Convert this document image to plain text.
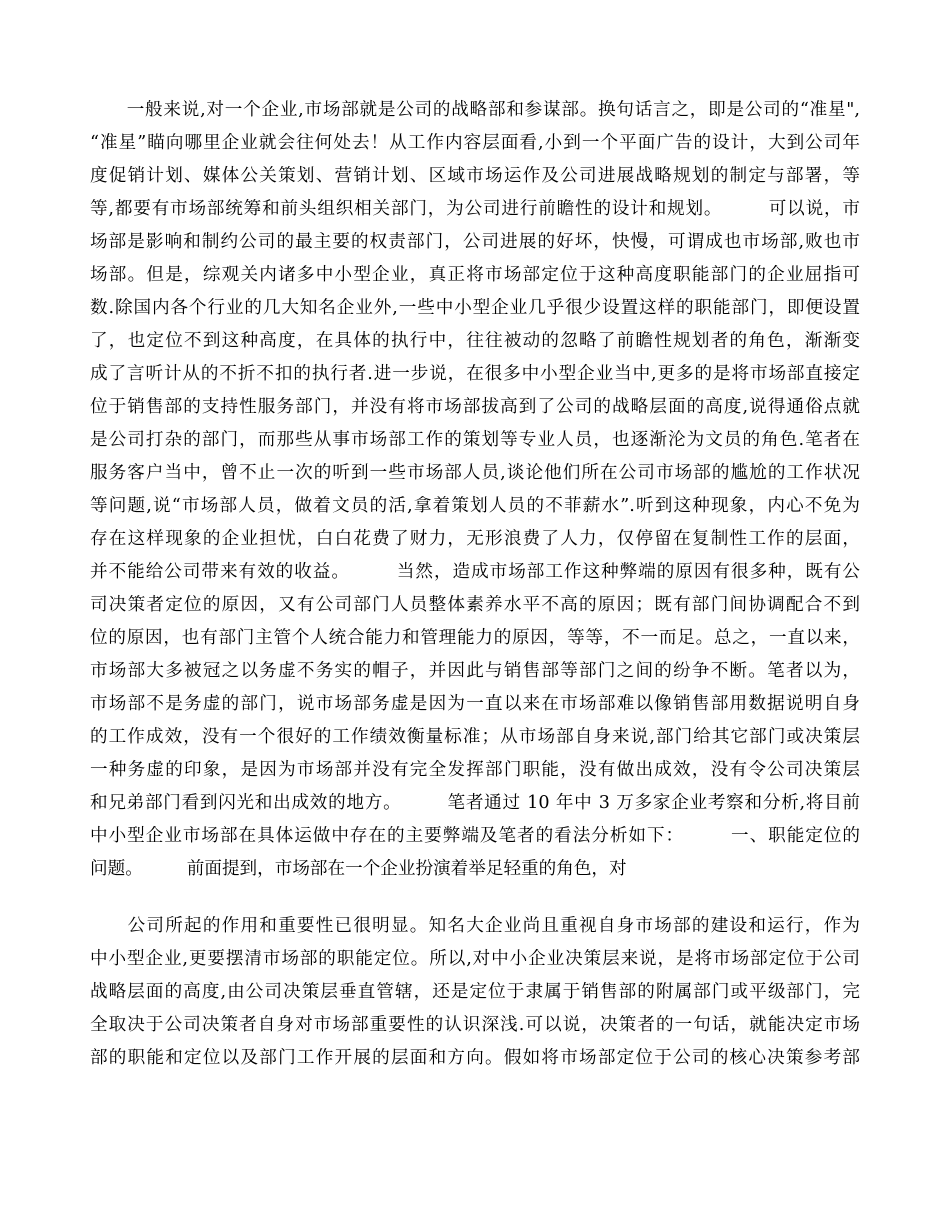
　　一般来说,对一个企业,市场部就是公司的战略部和参谋部。换句话言之，即是公司的“准星",
“准星”瞄向哪里企业就会往何处去！从工作内容层面看,小到一个平面广告的设计，大到公司年
度促销计划、媒体公关策划、营销计划、区域市场运作及公司进展战略规划的制定与部署，等
等,都要有市场部统筹和前头组织相关部门，为公司进行前瞻性的设计和规划。　　　可以说，市
场部是影响和制约公司的最主要的权责部门，公司进展的好坏，快慢，可谓成也市场部,败也市
场部。但是，综观关内诸多中小型企业，真正将市场部定位于这种高度职能部门的企业屈指可
数.除国内各个行业的几大知名企业外,一些中小型企业几乎很少设置这样的职能部门，即便设置
了，也定位不到这种高度，在具体的执行中，往往被动的忽略了前瞻性规划者的角色，渐渐变
成了言听计从的不折不扣的执行者.进一步说，在很多中小型企业当中,更多的是将市场部直接定
位于销售部的支持性服务部门，并没有将市场部拔高到了公司的战略层面的高度,说得通俗点就
是公司打杂的部门，而那些从事市场部工作的策划等专业人员，也逐渐沦为文员的角色.笔者在
服务客户当中，曾不止一次的听到一些市场部人员,谈论他们所在公司市场部的尴尬的工作状况
等问题,说“市场部人员，做着文员的活,拿着策划人员的不菲薪水”.听到这种现象，内心不免为
存在这样现象的企业担忧，白白花费了财力，无形浪费了人力，仅停留在复制性工作的层面，
并不能给公司带来有效的收益。　　　当然，造成市场部工作这种弊端的原因有很多种，既有公
司决策者定位的原因，又有公司部门人员整体素养水平不高的原因；既有部门间协调配合不到
位的原因，也有部门主管个人统合能力和管理能力的原因，等等，不一而足。总之，一直以来，
市场部大多被冠之以务虚不务实的帽子，并因此与销售部等部门之间的纷争不断。笔者以为，
市场部不是务虚的部门，说市场部务虚是因为一直以来在市场部难以像销售部用数据说明自身
的工作成效，没有一个很好的工作绩效衡量标准；从市场部自身来说,部门给其它部门或决策层
一种务虚的印象，是因为市场部并没有完全发挥部门职能，没有做出成效，没有令公司决策层
和兄弟部门看到闪光和出成效的地方。　　　笔者通过 10 年中 3 万多家企业考察和分析,将目前
中小型企业市场部在具体运做中存在的主要弊端及笔者的看法分析如下：　　　一、职能定位的
问题。　　　前面提到，市场部在一个企业扮演着举足轻重的角色，对
　　公司所起的作用和重要性已很明显。知名大企业尚且重视自身市场部的建设和运行，作为
中小型企业,更要摆清市场部的职能定位。所以,对中小企业决策层来说，是将市场部定位于公司
战略层面的高度,由公司决策层垂直管辖，还是定位于隶属于销售部的附属部门或平级部门，完
全取决于公司决策者自身对市场部重要性的认识深浅.可以说，决策者的一句话，就能决定市场
部的职能和定位以及部门工作开展的层面和方向。假如将市场部定位于公司的核心决策参考部
